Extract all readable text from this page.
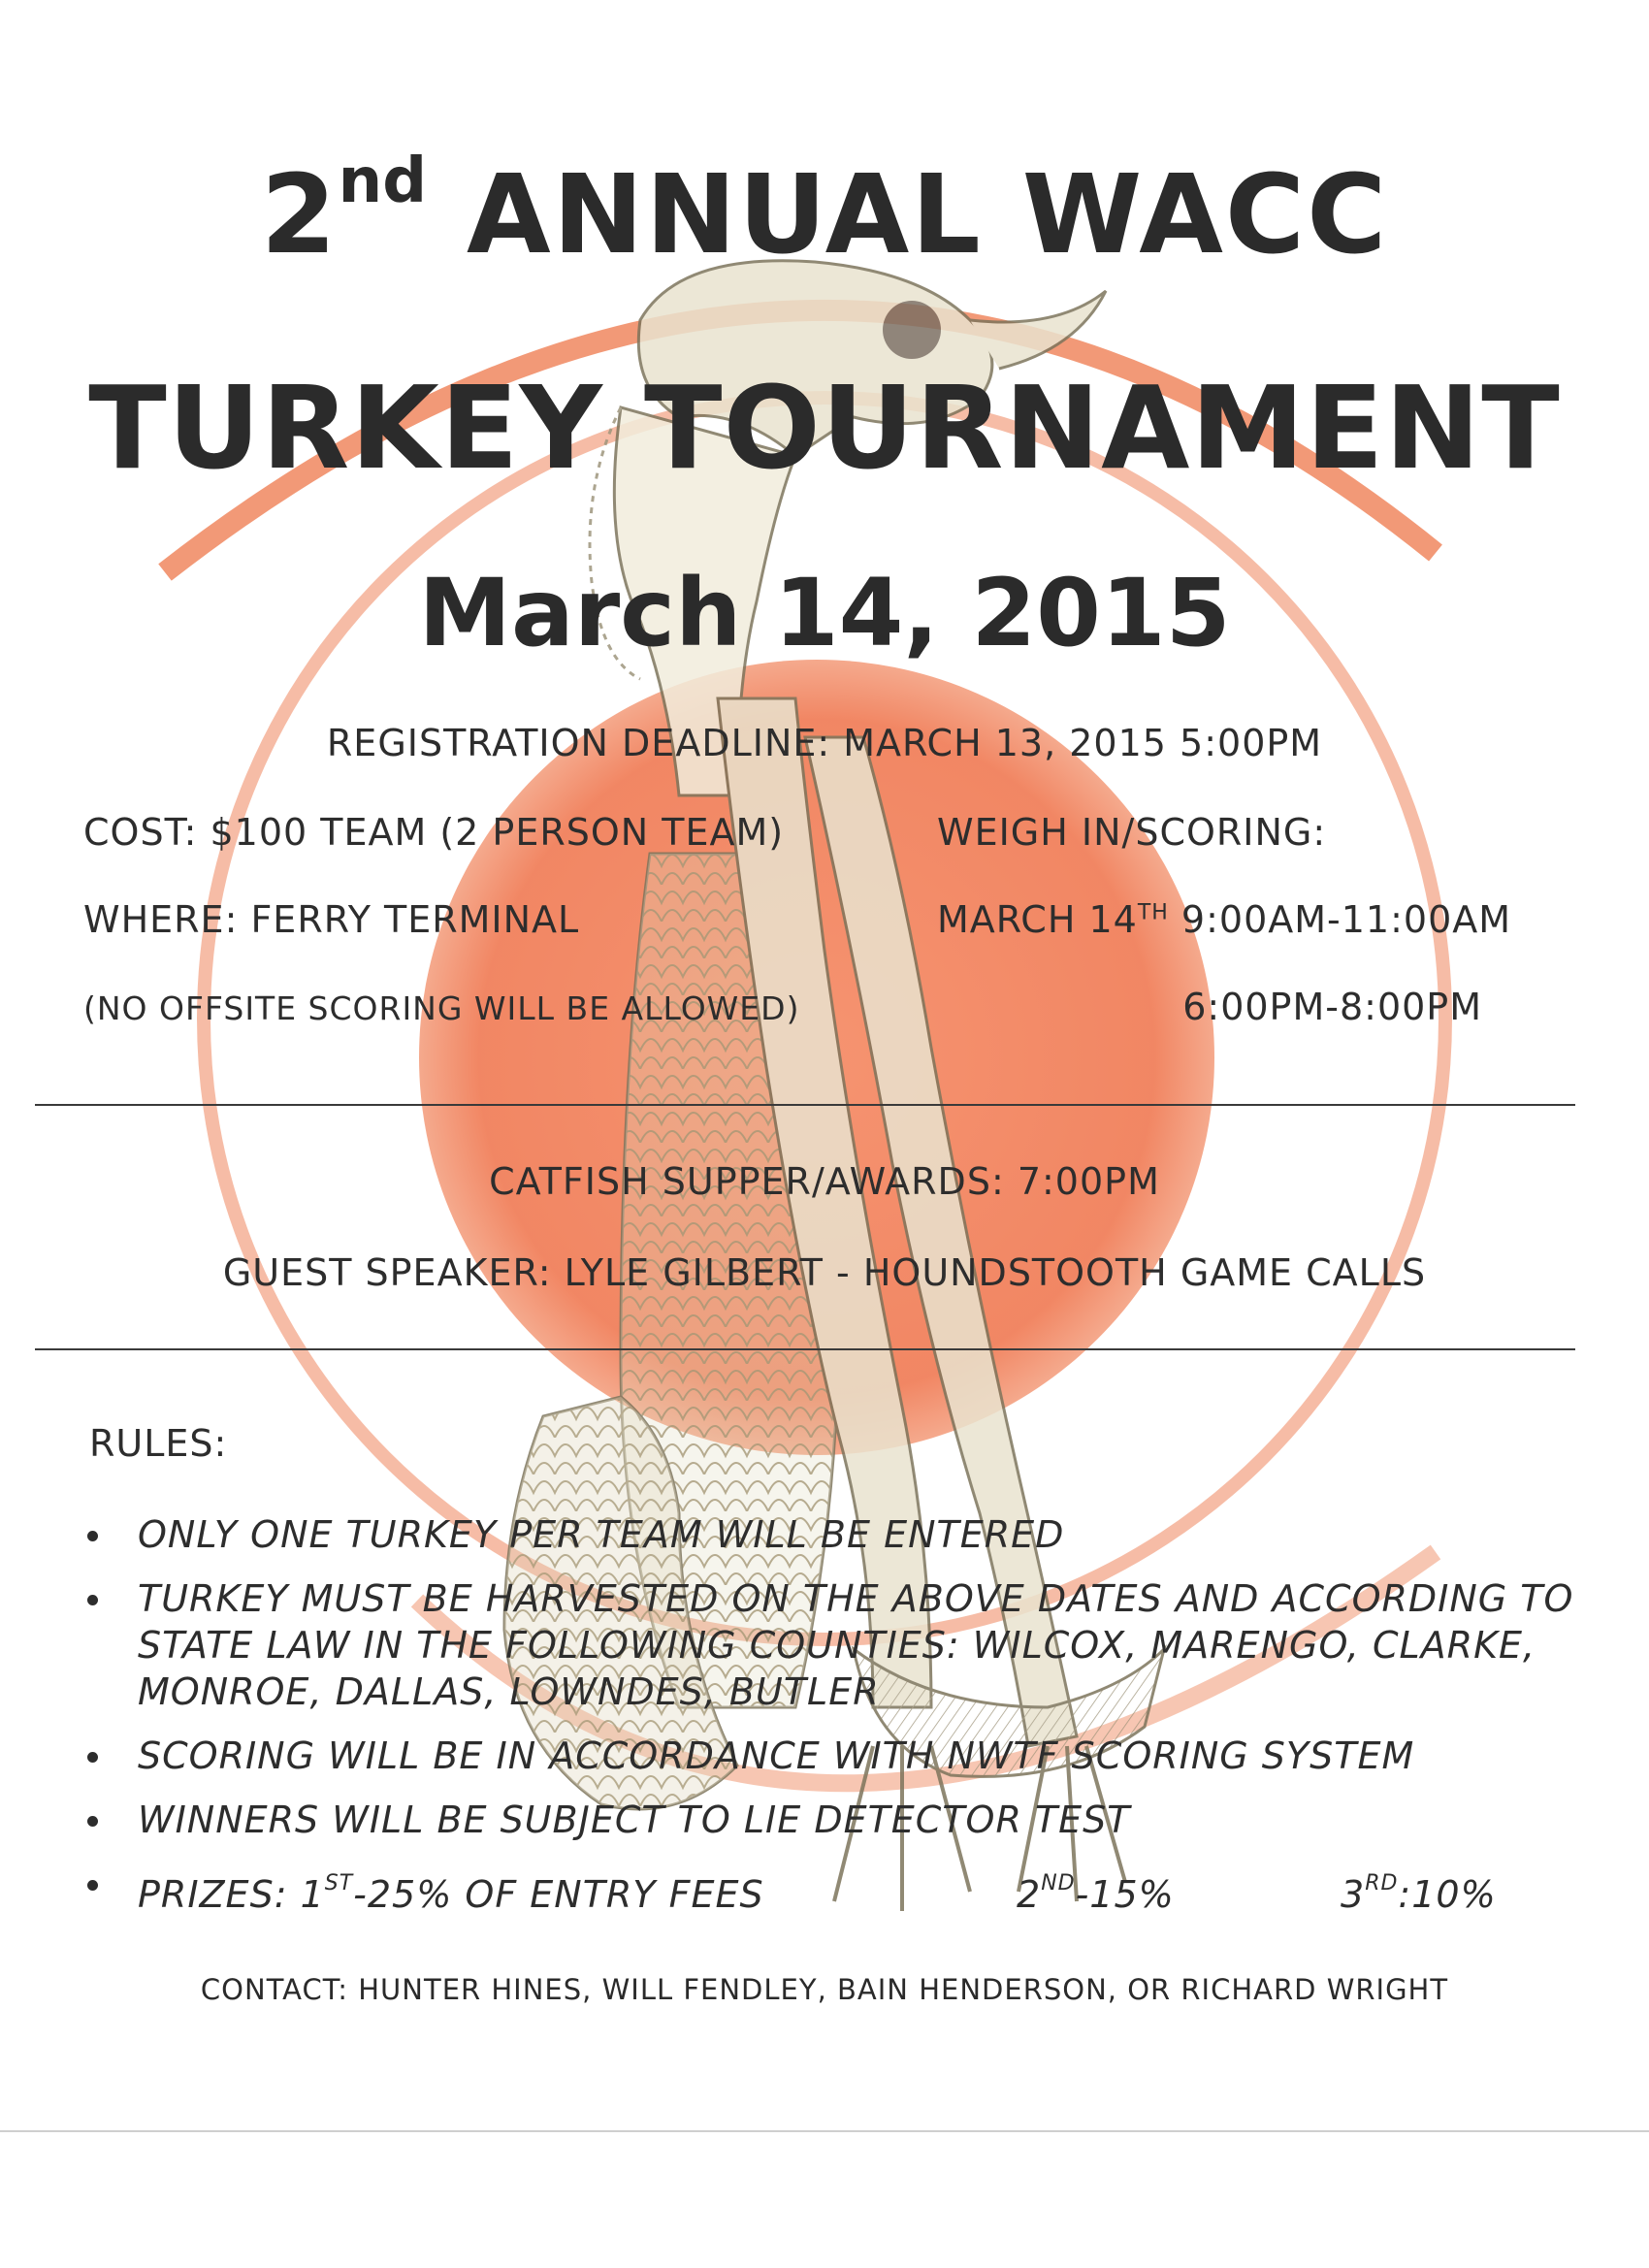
2nd ANNUAL WACC
TURKEY TOURNAMENT
March 14, 2015
REGISTRATION DEADLINE: MARCH 13, 2015 5:00PM
COST: $100 TEAM (2 PERSON TEAM)
WHERE: FERRY TERMINAL
(NO OFFSITE SCORING WILL BE ALLOWED)
WEIGH IN/SCORING:
MARCH 14TH 9:00AM-11:00AM
6:00PM-8:00PM
CATFISH SUPPER/AWARDS: 7:00PM
GUEST SPEAKER: LYLE GILBERT - HOUNDSTOOTH GAME CALLS
RULES:
ONLY ONE TURKEY PER TEAM WILL BE ENTERED
TURKEY MUST BE HARVESTED ON THE ABOVE DATES AND ACCORDING TO STATE LAW IN THE FOLLOWING COUNTIES: WILCOX, MARENGO, CLARKE, MONROE, DALLAS, LOWNDES, BUTLER
SCORING WILL BE IN ACCORDANCE WITH NWTF SCORING SYSTEM
WINNERS WILL BE SUBJECT TO LIE DETECTOR TEST
PRIZES: 1ST-25% OF ENTRY FEES	2ND-15%	3RD:10%
CONTACT: HUNTER HINES, WILL FENDLEY, BAIN HENDERSON, OR RICHARD WRIGHT
